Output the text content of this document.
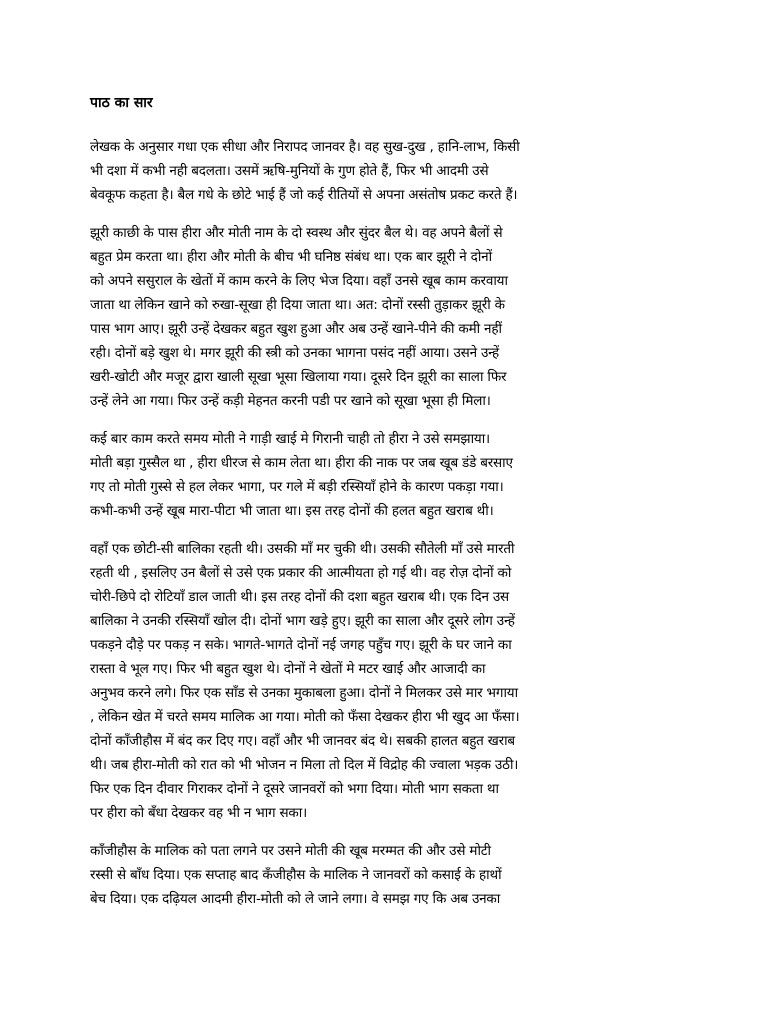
पाठ का सार
लेखक के अनुसार गधा एक सीधा और निरापद जानवर है। वह सुख-दुख , हानि-लाभ, किसी
भी दशा में कभी नही बदलता। उसमें ऋषि-मुनियों के गुण होते हैं, फिर भी आदमी उसे
बेवकूफ कहता है। बैल गधे के छोटे भाई हैं जो कई रीतियों से अपना असंतोष प्रकट करते हैं।
झूरी काछी के पास हीरा और मोती नाम के दो स्वस्थ और सुंदर बैल थे। वह अपने बैलों से
बहुत प्रेम करता था। हीरा और मोती के बीच भी घनिष्ठ संबंध था। एक बार झूरी ने दोनों
को अपने ससुराल के खेतों में काम करने के लिए भेज दिया। वहाँ उनसे खूब काम करवाया
जाता था लेकिन खाने को रुखा-सूखा ही दिया जाता था। अत: दोनों रस्सी तुड़ाकर झूरी के
पास भाग आए। झूरी उन्हें देखकर बहुत खुश हुआ और अब उन्हें खाने-पीने की कमी नहीं
रही। दोनों बड़े खुश थे। मगर झूरी की स्त्री को उनका भागना पसंद नहीं आया। उसने उन्हें
खरी-खोटी और मजूर द्वारा खाली सूखा भूसा खिलाया गया। दूसरे दिन झूरी का साला फिर
उन्हें लेने आ गया। फिर उन्हें कड़ी मेहनत करनी पडी पर खाने को सूखा भूसा ही मिला।
कई बार काम करते समय मोती ने गाड़ी खाई मे गिरानी चाही तो हीरा ने उसे समझाया।
मोती बड़ा गुस्सैल था , हीरा धीरज से काम लेता था। हीरा की नाक पर जब खूब डंडे बरसाए
गए तो मोती गुस्से से हल लेकर भागा, पर गले में बड़ी रस्सियाँ होने के कारण पकड़ा गया।
कभी-कभी उन्हें खूब मारा-पीटा भी जाता था। इस तरह दोनों की हलत बहुत खराब थी।
वहाँ एक छोटी-सी बालिका रहती थी। उसकी माँ मर चुकी थी। उसकी सौतेली माँ उसे मारती
रहती थी , इसलिए उन बैलों से उसे एक प्रकार की आत्मीयता हो गई थी। वह रोज़ दोनों को
चोरी-छिपे दो रोटियाँ डाल जाती थी। इस तरह दोनों की दशा बहुत खराब थी। एक दिन उस
बालिका ने उनकी रस्सियाँ खोल दी। दोनों भाग खड़े हुए। झूरी का साला और दूसरे लोग उन्हें
पकड़ने दौड़े पर पकड़ न सके। भागते-भागते दोनों नई जगह पहुँच गए। झूरी के घर जाने का
रास्ता वे भूल गए। फिर भी बहुत खुश थे। दोनों ने खेतों मे मटर खाई और आजादी का
अनुभव करने लगे। फिर एक साँड से उनका मुकाबला हुआ। दोनों ने मिलकर उसे मार भगाया
, लेकिन खेत में चरते समय मालिक आ गया। मोती को फँसा देखकर हीरा भी खुद आ फँसा।
दोनों काँजीहौस में बंद कर दिए गए। वहाँ और भी जानवर बंद थे। सबकी हालत बहुत खराब
थी। जब हीरा-मोती को रात को भी भोजन न मिला तो दिल में विद्रोह की ज्वाला भड़क उठी।
फिर एक दिन दीवार गिराकर दोनों ने दूसरे जानवरों को भगा दिया। मोती भाग सकता था
पर हीरा को बँधा देखकर वह भी न भाग सका।
काँजीहौस के मालिक को पता लगने पर उसने मोती की खूब मरम्मत की और उसे मोटी
रस्सी से बाँध दिया। एक सप्ताह बाद कँजीहौस के मालिक ने जानवरों को कसाई के हाथों
बेच दिया। एक दढ़ियल आदमी हीरा-मोती को ले जाने लगा। वे समझ गए कि अब उनका
